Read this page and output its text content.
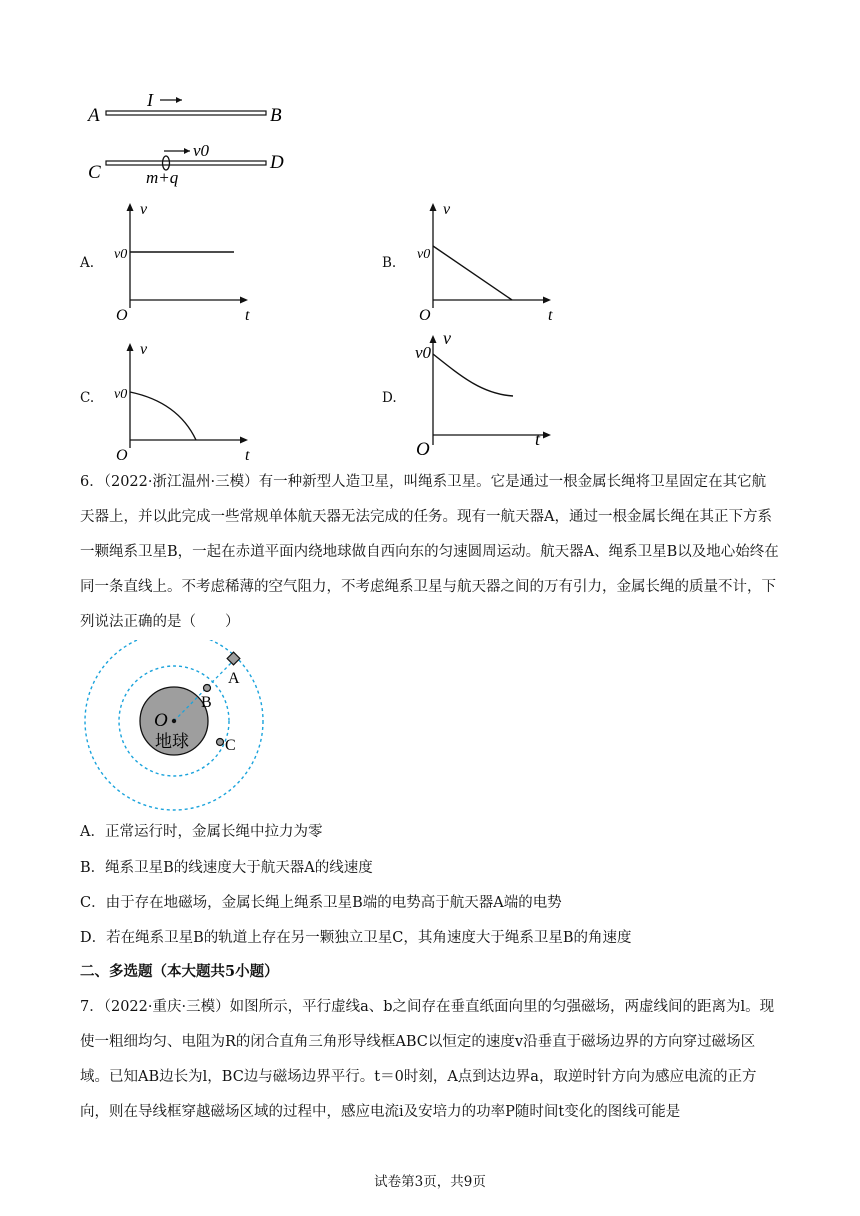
A	B
I
C	D
v0
m+q
A.
v
t
O
v0
B.
v
t
O
v0
C.
v
t
O
v0	D.
v
t
O
v0
6．（2022·浙江温州·三模）有一种新型人造卫星，叫绳系卫星。它是通过一根金属长绳将卫星固定在其它航天器上，并以此完成一些常规单体航天器无法完成的任务。现有一航天器A，通过一根金属长绳在其正下方系一颗绳系卫星B，一起在赤道平面内绕地球做自西向东的匀速圆周运动。航天器A、绳系卫星B以及地心始终在同一条直线上。不考虑稀薄的空气阻力，不考虑绳系卫星与航天器之间的万有引力，金属长绳的质量不计，下列说法正确的是（　　）
O
地球
A
B
C
A．正常运行时，金属长绳中拉力为零
B．绳系卫星B的线速度大于航天器A的线速度
C．由于存在地磁场，金属长绳上绳系卫星B端的电势高于航天器A端的电势
D．若在绳系卫星B的轨道上存在另一颗独立卫星C，其角速度大于绳系卫星B的角速度
二、多选题（本大题共5小题）
7．（2022·重庆·三模）如图所示，平行虚线a、b之间存在垂直纸面向里的匀强磁场，两虚线间的距离为l。现使一粗细均匀、电阻为R的闭合直角三角形导线框ABC以恒定的速度v沿垂直于磁场边界的方向穿过磁场区域。已知AB边长为l，BC边与磁场边界平行。t＝0时刻，A点到达边界a，取逆时针方向为感应电流的正方向，则在导线框穿越磁场区域的过程中，感应电流i及安培力的功率P随时间t变化的图线可能是
试卷第3页，共9页
